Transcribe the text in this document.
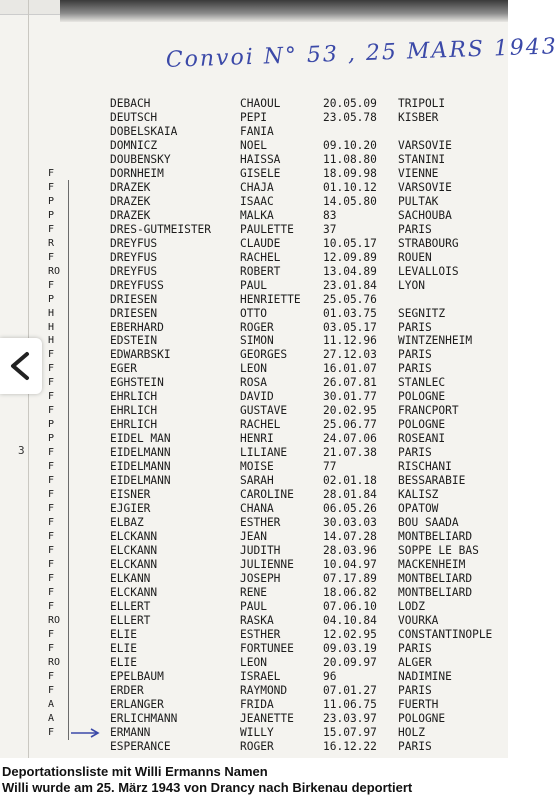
Convoi N° 53 , 25 MARS 1943
DEBACH	CHAOUL	20.05.09 TRIPOLI
DEUTSCH	PEPI	23.05.78 KISBER
DOBELSKAIA	FANIA
DOMNICZ	NOEL	09.10.20 VARSOVIE
DOUBENSKY	HAISSA	11.08.80 STANINI
F	DORNHEIM	GISELE	18.09.98 VIENNE
F	DRAZEK	CHAJA	01.10.12 VARSOVIE
P	DRAZEK	ISAAC	14.05.80 PULTAK
P	DRAZEK	MALKA	83	SACHOUBA
F	DRES-GUTMEISTER	PAULETTE	37	PARIS
R	DREYFUS	CLAUDE	10.05.17 STRABOURG
F	DREYFUS	RACHEL	12.09.89 ROUEN
RO	DREYFUS	ROBERT	13.04.89 LEVALLOIS
F	DREYFUSS	PAUL	23.01.84 LYON
P	DRIESEN	HENRIETTE 25.05.76
H	DRIESEN	OTTO	01.03.75 SEGNITZ
H	EBERHARD	ROGER	03.05.17 PARIS
H	EDSTEIN	SIMON	11.12.96 WINTZENHEIM
F	EDWARBSKI	GEORGES	27.12.03 PARIS
F	EGER	LEON	16.01.07 PARIS
F	EGHSTEIN	ROSA	26.07.81 STANLEC
F	EHRLICH	DAVID	30.01.77 POLOGNE
F	EHRLICH	GUSTAVE	20.02.95 FRANCPORT
P	EHRLICH	RACHEL	25.06.77 POLOGNE
P	EIDEL MAN	HENRI	24.07.06 ROSEANI
F	EIDELMANN	LILIANE	21.07.38 PARIS
F	EIDELMANN	MOISE	77	RISCHANI
F	EIDELMANN	SARAH	02.01.18 BESSARABIE
F	EISNER	CAROLINE	28.01.84 KALISZ
F	EJGIER	CHANA	06.05.26 OPATOW
F	ELBAZ	ESTHER	30.03.03 BOU SAADA
F	ELCKANN	JEAN	14.07.28 MONTBELIARD
F	ELCKANN	JUDITH	28.03.96 SOPPE LE BAS
F	ELCKANN	JULIENNE	10.04.97 MACKENHEIM
F	ELKANN	JOSEPH	07.17.89 MONTBELIARD
F	ELCKANN	RENE	18.06.82 MONTBELIARD
F	ELLERT	PAUL	07.06.10 LODZ
RO	ELLERT	RASKA	04.10.84 VOURKA
F	ELIE	ESTHER	12.02.95 CONSTANTINOPLE
F	ELIE	FORTUNEE	09.03.19 PARIS
RO	ELIE	LEON	20.09.97 ALGER
F	EPELBAUM	ISRAEL	96	NADIMINE
F	ERDER	RAYMOND	07.01.27 PARIS
A	ERLANGER	FRIDA	11.06.75 FUERTH
A	ERLICHMANN	JEANETTE	23.03.97 POLOGNE
F	ERMANN	WILLY	15.07.97 HOLZ
ESPERANCE	ROGER	16.12.22 PARIS
3
Deportationsliste mit Willi Ermanns Namen
Willi wurde am 25. März 1943 von Drancy nach Birkenau deportiert
